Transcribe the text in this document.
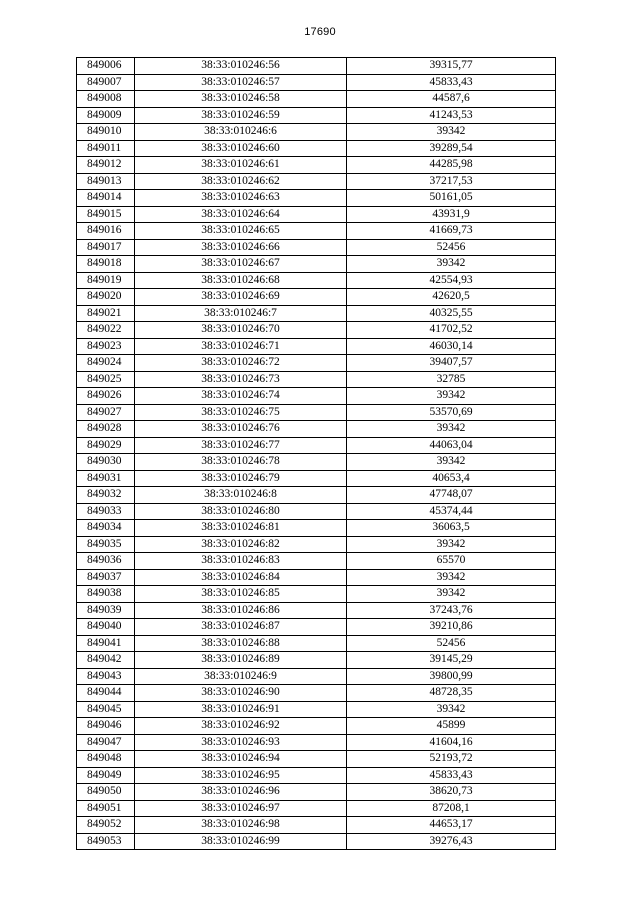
17690
849006	38:33:010246:56	39315,77
849007	38:33:010246:57	45833,43
849008	38:33:010246:58	44587,6
849009	38:33:010246:59	41243,53
849010	38:33:010246:6	39342
849011	38:33:010246:60	39289,54
849012	38:33:010246:61	44285,98
849013	38:33:010246:62	37217,53
849014	38:33:010246:63	50161,05
849015	38:33:010246:64	43931,9
849016	38:33:010246:65	41669,73
849017	38:33:010246:66	52456
849018	38:33:010246:67	39342
849019	38:33:010246:68	42554,93
849020	38:33:010246:69	42620,5
849021	38:33:010246:7	40325,55
849022	38:33:010246:70	41702,52
849023	38:33:010246:71	46030,14
849024	38:33:010246:72	39407,57
849025	38:33:010246:73	32785
849026	38:33:010246:74	39342
849027	38:33:010246:75	53570,69
849028	38:33:010246:76	39342
849029	38:33:010246:77	44063,04
849030	38:33:010246:78	39342
849031	38:33:010246:79	40653,4
849032	38:33:010246:8	47748,07
849033	38:33:010246:80	45374,44
849034	38:33:010246:81	36063,5
849035	38:33:010246:82	39342
849036	38:33:010246:83	65570
849037	38:33:010246:84	39342
849038	38:33:010246:85	39342
849039	38:33:010246:86	37243,76
849040	38:33:010246:87	39210,86
849041	38:33:010246:88	52456
849042	38:33:010246:89	39145,29
849043	38:33:010246:9	39800,99
849044	38:33:010246:90	48728,35
849045	38:33:010246:91	39342
849046	38:33:010246:92	45899
849047	38:33:010246:93	41604,16
849048	38:33:010246:94	52193,72
849049	38:33:010246:95	45833,43
849050	38:33:010246:96	38620,73
849051	38:33:010246:97	87208,1
849052	38:33:010246:98	44653,17
849053	38:33:010246:99	39276,43
